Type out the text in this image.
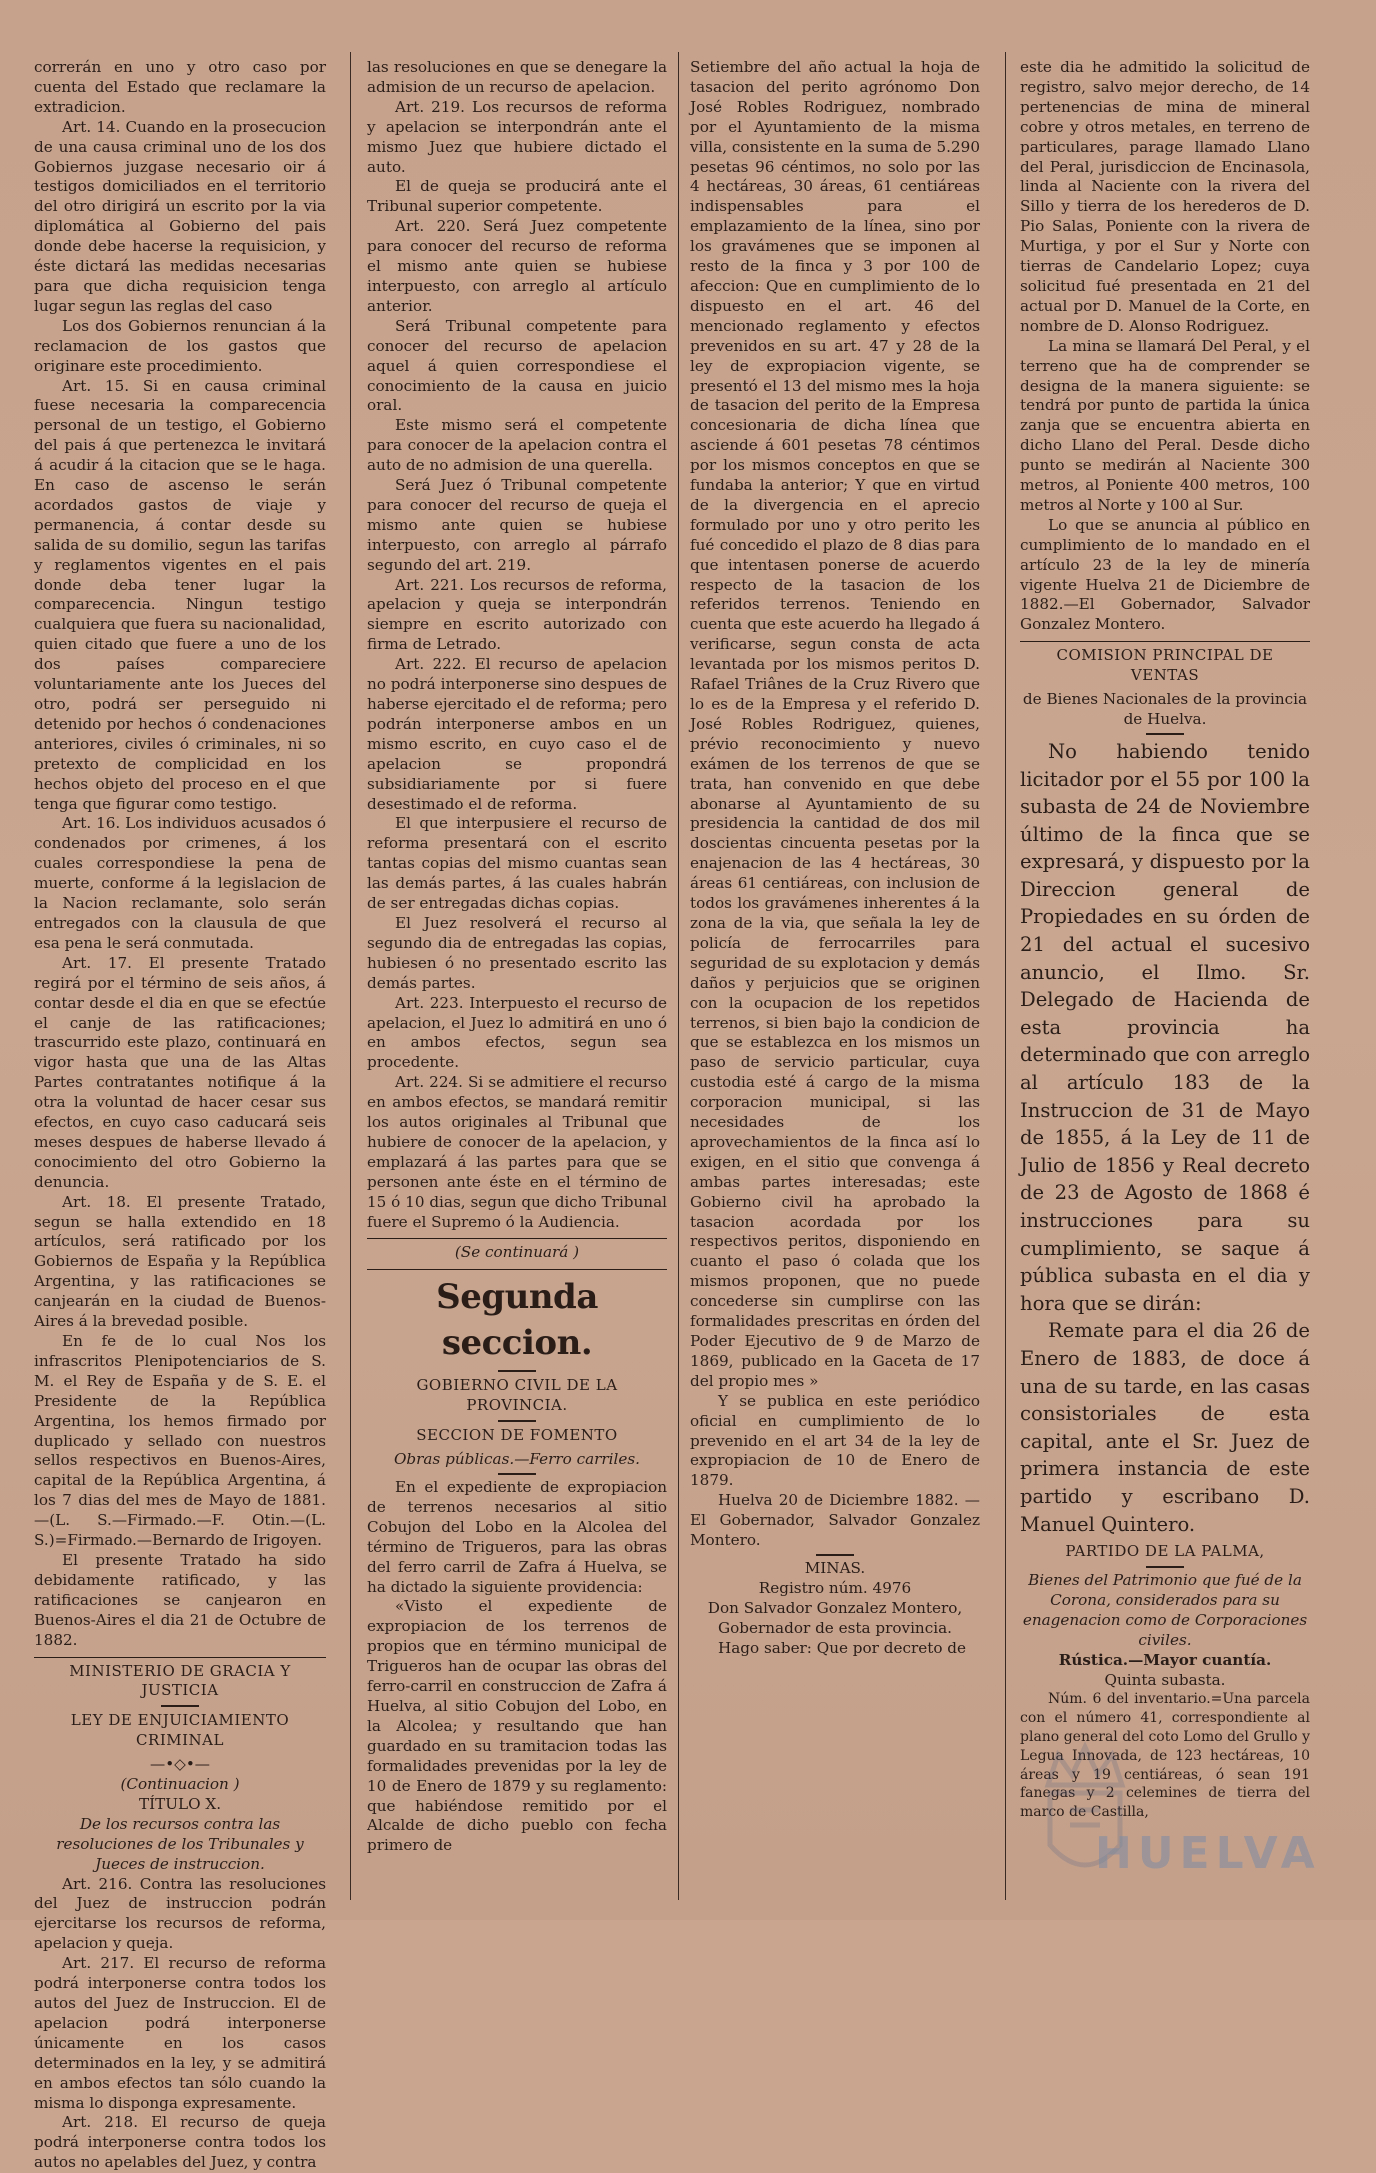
correrán en uno y otro caso por cuenta del Estado que reclamare la extradicion.

Art. 14. Cuando en la prosecucion de una causa criminal uno de los dos Gobiernos juzgase necesario oir á testigos domiciliados en el territorio del otro dirigirá un escrito por la via diplomática al Gobierno del pais donde debe hacerse la requisicion, y éste dictará las medidas necesarias para que dicha requisicion tenga lugar segun las reglas del caso

Los dos Gobiernos renuncian á la reclamacion de los gastos que originare este procedimiento.

Art. 15. Si en causa criminal fuese necesaria la comparecencia personal de un testigo, el Gobierno del pais á que pertenezca le invitará á acudir á la citacion que se le haga. En caso de ascenso le serán acordados gastos de viaje y permanencia, á contar desde su salida de su domilio, segun las tarifas y reglamentos vigentes en el pais donde deba tener lugar la comparecencia. Ningun testigo cualquiera que fuera su nacionalidad, quien citado que fuere a uno de los dos países compareciere voluntariamente ante los Jueces del otro, podrá ser perseguido ni detenido por hechos ó condenaciones anteriores, civiles ó criminales, ni so pretexto de complicidad en los hechos objeto del proceso en el que tenga que figurar como testigo.

Art. 16. Los individuos acusados ó condenados por crimenes, á los cuales correspondiese la pena de muerte, conforme á la legislacion de la Nacion reclamante, solo serán entregados con la clausula de que esa pena le será conmutada.

Art. 17. El presente Tratado regirá por el término de seis años, á contar desde el dia en que se efectúe el canje de las ratificaciones; trascurrido este plazo, continuará en vigor hasta que una de las Altas Partes contratantes notifique á la otra la voluntad de hacer cesar sus efectos, en cuyo caso caducará seis meses despues de haberse llevado á conocimiento del otro Gobierno la denuncia.

Art. 18. El presente Tratado, segun se halla extendido en 18 artículos, será ratificado por los Gobiernos de España y la República Argentina, y las ratificaciones se canjearán en la ciudad de Buenos-Aires á la brevedad posible.

En fe de lo cual Nos los infrascritos Plenipotenciarios de S. M. el Rey de España y de S. E. el Presidente de la República Argentina, los hemos firmado por duplicado y sellado con nuestros sellos respectivos en Buenos-Aires, capital de la República Argentina, á los 7 dias del mes de Mayo de 1881.—(L. S.—Firmado.—F. Otin.—(L. S.)=Firmado.—Bernardo de Irigoyen.

El presente Tratado ha sido debidamente ratificado, y las ratificaciones se canjearon en Buenos-Aires el dia 21 de Octubre de 1882.

MINISTERIO DE GRACIA Y JUSTICIA
LEY DE ENJUICIAMIENTO CRIMINAL
—•◇•—
(Continuacion )
TÍTULO X.
De los recursos contra las resoluciones de los Tribunales y Jueces de instruccion.

Art. 216. Contra las resoluciones del Juez de instruccion podrán ejercitarse los recursos de reforma, apelacion y queja.

Art. 217. El recurso de reforma podrá interponerse contra todos los autos del Juez de Instruccion. El de apelacion podrá interponerse únicamente en los casos determinados en la ley, y se admitirá en ambos efectos tan sólo cuando la misma lo disponga expresamente.

Art. 218. El recurso de queja podrá interponerse contra todos los autos no apelables del Juez, y contra

las resoluciones en que se denegare la admision de un recurso de apelacion.

Art. 219. Los recursos de reforma y apelacion se interpondrán ante el mismo Juez que hubiere dictado el auto.

El de queja se producirá ante el Tribunal superior competente.

Art. 220. Será Juez competente para conocer del recurso de reforma el mismo ante quien se hubiese interpuesto, con arreglo al artículo anterior.

Será Tribunal competente para conocer del recurso de apelacion aquel á quien correspondiese el conocimiento de la causa en juicio oral.

Este mismo será el competente para conocer de la apelacion contra el auto de no admision de una querella.

Será Juez ó Tribunal competente para conocer del recurso de queja el mismo ante quien se hubiese interpuesto, con arreglo al párrafo segundo del art. 219.

Art. 221. Los recursos de reforma, apelacion y queja se interpondrán siempre en escrito autorizado con firma de Letrado.

Art. 222. El recurso de apelacion no podrá interponerse sino despues de haberse ejercitado el de reforma; pero podrán interponerse ambos en un mismo escrito, en cuyo caso el de apelacion se propondrá subsidiariamente por si fuere desestimado el de reforma.

El que interpusiere el recurso de reforma presentará con el escrito tantas copias del mismo cuantas sean las demás partes, á las cuales habrán de ser entregadas dichas copias.

El Juez resolverá el recurso al segundo dia de entregadas las copias, hubiesen ó no presentado escrito las demás partes.

Art. 223. Interpuesto el recurso de apelacion, el Juez lo admitirá en uno ó en ambos efectos, segun sea procedente.

Art. 224. Si se admitiere el recurso en ambos efectos, se mandará remitir los autos originales al Tribunal que hubiere de conocer de la apelacion, y emplazará á las partes para que se personen ante éste en el término de 15 ó 10 dias, segun que dicho Tribunal fuere el Supremo ó la Audiencia.

(Se continuará )
Segunda seccion.
GOBIERNO CIVIL DE LA PROVINCIA.
SECCION DE FOMENTO
Obras públicas.—Ferro carriles.

En el expediente de expropiacion de terrenos necesarios al sitio Cobujon del Lobo en la Alcolea del término de Trigueros, para las obras del ferro carril de Zafra á Huelva, se ha dictado la siguiente providencia:

«Visto el expediente de expropiacion de los terrenos de propios que en término municipal de Trigueros han de ocupar las obras del ferro-carril en construccion de Zafra á Huelva, al sitio Cobujon del Lobo, en la Alcolea; y resultando que han guardado en su tramitacion todas las formalidades prevenidas por la ley de 10 de Enero de 1879 y su reglamento: que habiéndose remitido por el Alcalde de dicho pueblo con fecha primero de

Setiembre del año actual la hoja de tasacion del perito agrónomo Don José Robles Rodriguez, nombrado por el Ayuntamiento de la misma villa, consistente en la suma de 5.290 pesetas 96 céntimos, no solo por las 4 hectáreas, 30 áreas, 61 centiáreas indispensables para el emplazamiento de la línea, sino por los gravámenes que se imponen al resto de la finca y 3 por 100 de afeccion: Que en cumplimiento de lo dispuesto en el art. 46 del mencionado reglamento y efectos prevenidos en su art. 47 y 28 de la ley de expropiacion vigente, se presentó el 13 del mismo mes la hoja de tasacion del perito de la Empresa concesionaria de dicha línea que asciende á 601 pesetas 78 céntimos por los mismos conceptos en que se fundaba la anterior; Y que en virtud de la divergencia en el aprecio formulado por uno y otro perito les fué concedido el plazo de 8 dias para que intentasen ponerse de acuerdo respecto de la tasacion de los referidos terrenos. Teniendo en cuenta que este acuerdo ha llegado á verificarse, segun consta de acta levantada por los mismos peritos D. Rafael Triânes de la Cruz Rivero que lo es de la Empresa y el referido D. José Robles Rodriguez, quienes, prévio reconocimiento y nuevo exámen de los terrenos de que se trata, han convenido en que debe abonarse al Ayuntamiento de su presidencia la cantidad de dos mil doscientas cincuenta pesetas por la enajenacion de las 4 hectáreas, 30 áreas 61 centiáreas, con inclusion de todos los gravámenes inherentes á la zona de la via, que señala la ley de policía de ferrocarriles para seguridad de su explotacion y demás daños y perjuicios que se originen con la ocupacion de los repetidos terrenos, si bien bajo la condicion de que se establezca en los mismos un paso de servicio particular, cuya custodia esté á cargo de la misma corporacion municipal, si las necesidades de los aprovechamientos de la finca así lo exigen, en el sitio que convenga á ambas partes interesadas; este Gobierno civil ha aprobado la tasacion acordada por los respectivos peritos, disponiendo en cuanto el paso ó colada que los mismos proponen, que no puede concederse sin cumplirse con las formalidades prescritas en órden del Poder Ejecutivo de 9 de Marzo de 1869, publicado en la Gaceta de 17 del propio mes »

Y se publica en este periódico oficial en cumplimiento de lo prevenido en el art 34 de la ley de expropiacion de 10 de Enero de 1879.

Huelva 20 de Diciembre 1882. —El Gobernador, Salvador Gonzalez Montero.

MINAS.
Registro núm. 4976
Don Salvador Gonzalez Montero, Gobernador de esta provincia.

Hago saber: Que por decreto de

este dia he admitido la solicitud de registro, salvo mejor derecho, de 14 pertenencias de mina de mineral cobre y otros metales, en terreno de particulares, parage llamado Llano del Peral, jurisdiccion de Encinasola, linda al Naciente con la rivera del Sillo y tierra de los herederos de D. Pio Salas, Poniente con la rivera de Murtiga, y por el Sur y Norte con tierras de Candelario Lopez; cuya solicitud fué presentada en 21 del actual por D. Manuel de la Corte, en nombre de D. Alonso Rodriguez.

La mina se llamará Del Peral, y el terreno que ha de comprender se designa de la manera siguiente: se tendrá por punto de partida la única zanja que se encuentra abierta en dicho Llano del Peral. Desde dicho punto se medirán al Naciente 300 metros, al Poniente 400 metros, 100 metros al Norte y 100 al Sur.

Lo que se anuncia al público en cumplimiento de lo mandado en el artículo 23 de la ley de minería vigente Huelva 21 de Diciembre de 1882.—El Gobernador, Salvador Gonzalez Montero.

COMISION PRINCIPAL DE VENTAS
de Bienes Nacionales de la provincia de Huelva.

No habiendo tenido licitador por el 55 por 100 la subasta de 24 de Noviembre último de la finca que se expresará, y dispuesto por la Direccion general de Propiedades en su órden de 21 del actual el sucesivo anuncio, el Ilmo. Sr. Delegado de Hacienda de esta provincia ha determinado que con arreglo al artículo 183 de la Instruccion de 31 de Mayo de 1855, á la Ley de 11 de Julio de 1856 y Real decreto de 23 de Agosto de 1868 é instrucciones para su cumplimiento, se saque á pública subasta en el dia y hora que se dirán:

Remate para el dia 26 de Enero de 1883, de doce á una de su tarde, en las casas consistoriales de esta capital, ante el Sr. Juez de primera instancia de este partido y escribano D. Manuel Quintero.

PARTIDO DE LA PALMA,
Bienes del Patrimonio que fué de la Corona, considerados para su enagenacion como de Corporaciones civiles.
Rústica.—Mayor cuantía.
Quinta subasta.

Núm. 6 del inventario.=Una parcela con el número 41, correspondiente al plano general del coto Lomo del Grullo y Legua Innovada, de 123 hectáreas, 10 áreas y 19 centiáreas, ó sean 191 fanegas y 2 celemines de tierra del marco de Castilla,

HUELVA
